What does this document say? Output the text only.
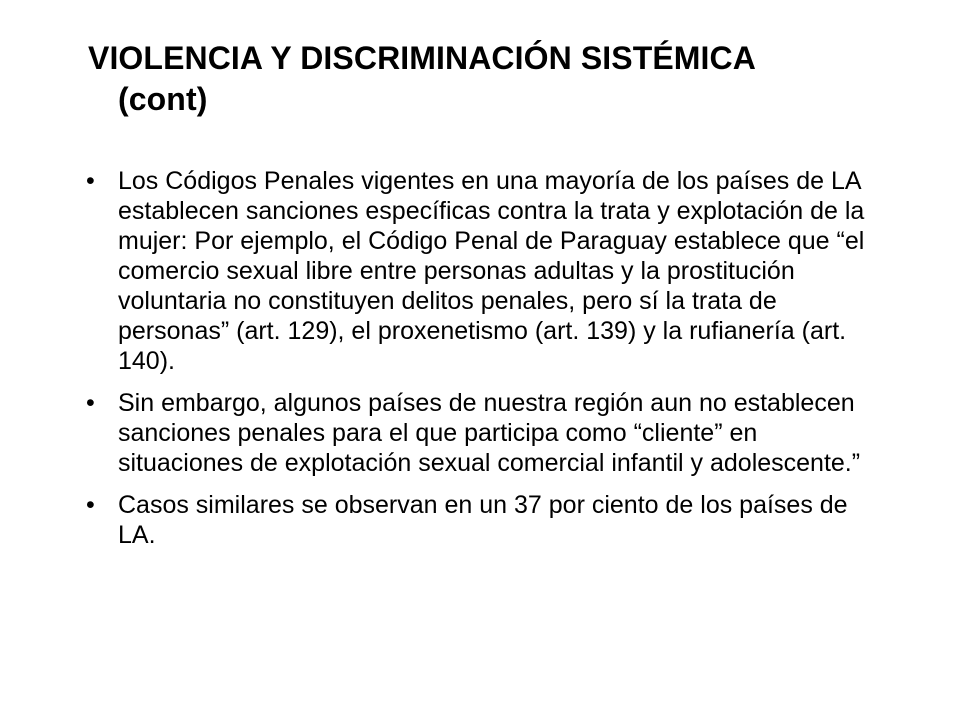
VIOLENCIA Y DISCRIMINACIÓN SISTÉMICA
(cont)
• Los Códigos Penales vigentes en una mayoría de los países de LA establecen sanciones específicas contra la trata y explotación de la mujer: Por ejemplo, el Código Penal de Paraguay establece que “el comercio sexual libre entre personas adultas y la prostitución voluntaria no constituyen delitos penales, pero sí la trata de personas” (art. 129), el proxenetismo (art. 139) y la rufianería (art. 140).
• Sin embargo, algunos países de nuestra región aun no establecen sanciones penales para el que participa como “cliente” en situaciones de explotación sexual comercial infantil y adolescente.”
• Casos similares se observan en un 37 por ciento de los países de LA.
